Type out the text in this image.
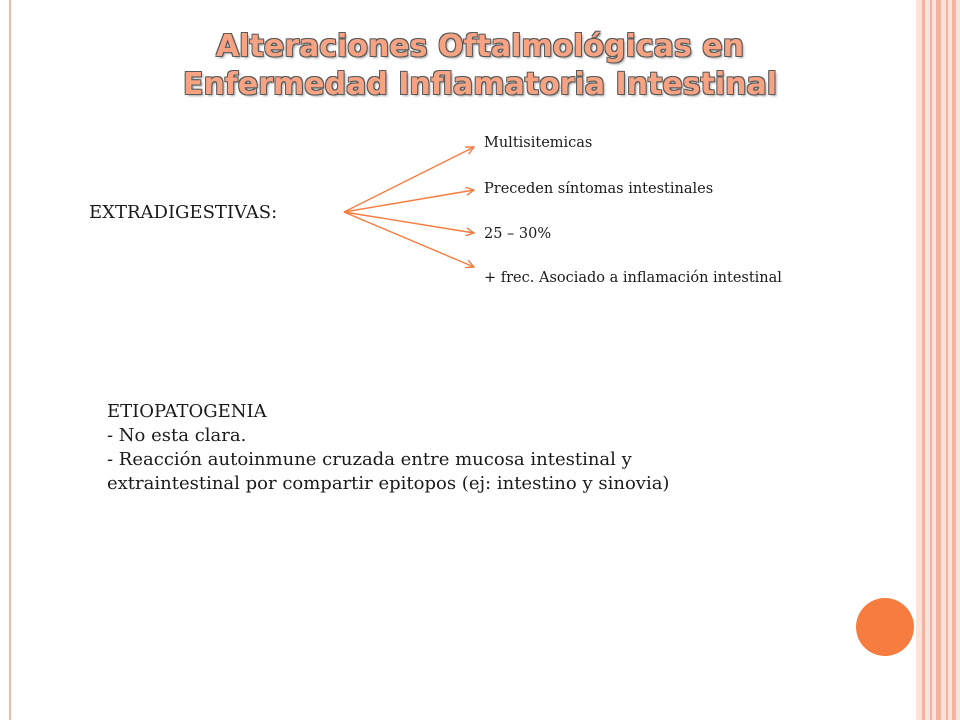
Alteraciones Oftalmológicas en
Enfermedad Inflamatoria Intestinal
EXTRADIGESTIVAS:
Multisitemicas
Preceden síntomas intestinales
25 – 30%
+ frec. Asociado a inflamación intestinal
ETIOPATOGENIA
- No esta clara.
- Reacción autoinmune cruzada entre mucosa intestinal y
extraintestinal por compartir epitopos (ej: intestino y sinovia)
